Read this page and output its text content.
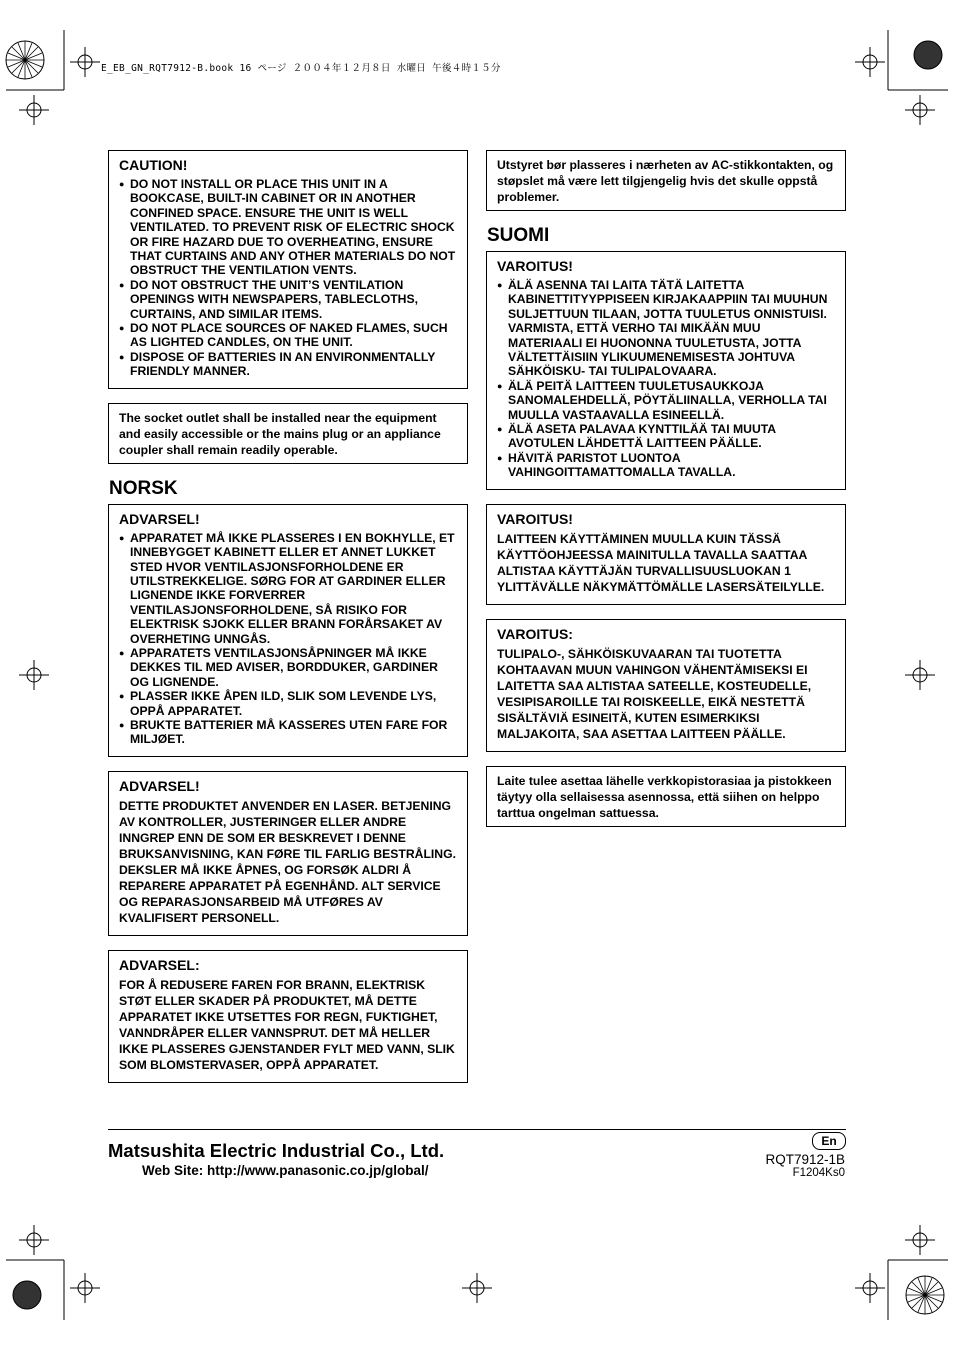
E_EB_GN_RQT7912-B.book 16 ページ ２００４年１２月８日 水曜日 午後４時１５分
CAUTION!
● DO NOT INSTALL OR PLACE THIS UNIT IN A BOOKCASE, BUILT-IN CABINET OR IN ANOTHER CONFINED SPACE. ENSURE THE UNIT IS WELL VENTILATED. TO PREVENT RISK OF ELECTRIC SHOCK OR FIRE HAZARD DUE TO OVERHEATING, ENSURE THAT CURTAINS AND ANY OTHER MATERIALS DO NOT OBSTRUCT THE VENTILATION VENTS.
● DO NOT OBSTRUCT THE UNIT’S VENTILATION OPENINGS WITH NEWSPAPERS, TABLECLOTHS, CURTAINS, AND SIMILAR ITEMS.
● DO NOT PLACE SOURCES OF NAKED FLAMES, SUCH AS LIGHTED CANDLES, ON THE UNIT.
● DISPOSE OF BATTERIES IN AN ENVIRONMENTALLY FRIENDLY MANNER.

The socket outlet shall be installed near the equipment and easily accessible or the mains plug or an appliance coupler shall remain readily operable.

NORSK
ADVARSEL!
● APPARATET MÅ IKKE PLASSERES I EN BOKHYLLE, ET INNEBYGGET KABINETT ELLER ET ANNET LUKKET STED HVOR VENTILASJONSFORHOLDENE ER UTILSTREKKELIGE. SØRG FOR AT GARDINER ELLER LIGNENDE IKKE FORVERRER VENTILASJONSFORHOLDENE, SÅ RISIKO FOR ELEKTRISK SJOKK ELLER BRANN FORÅRSAKET AV OVERHETING UNNGÅS.
● APPARATETS VENTILASJONSÅPNINGER MÅ IKKE DEKKES TIL MED AVISER, BORDDUKER, GARDINER OG LIGNENDE.
● PLASSER IKKE ÅPEN ILD, SLIK SOM LEVENDE LYS, OPPÅ APPARATET.
● BRUKTE BATTERIER MÅ KASSERES UTEN FARE FOR MILJØET.
ADVARSEL!

DETTE PRODUKTET ANVENDER EN LASER. BETJENING AV KONTROLLER, JUSTERINGER ELLER ANDRE INNGREP ENN DE SOM ER BESKREVET I DENNE BRUKSANVISNING, KAN FØRE TIL FARLIG BESTRÅLING. DEKSLER MÅ IKKE ÅPNES, OG FORSØK ALDRI Å REPARERE APPARATET PÅ EGENHÅND. ALT SERVICE OG REPARASJONSARBEID MÅ UTFØRES AV KVALIFISERT PERSONELL.

ADVARSEL:

FOR Å REDUSERE FAREN FOR BRANN, ELEKTRISK STØT ELLER SKADER PÅ PRODUKTET, MÅ DETTE APPARATET IKKE UTSETTES FOR REGN, FUKTIGHET, VANNDRÅPER ELLER VANNSPRUT. DET MÅ HELLER IKKE PLASSERES GJENSTANDER FYLT MED VANN, SLIK SOM BLOMSTERVASER, OPPÅ APPARATET.

Utstyret bør plasseres i nærheten av AC-stikkontakten, og støpslet må være lett tilgjengelig hvis det skulle oppstå problemer.

SUOMI
VAROITUS!
● ÄLÄ ASENNA TAI LAITA TÄTÄ LAITETTA KABINETTITYYPPISEEN KIRJAKAAPPIIN TAI MUUHUN SULJETTUUN TILAAN, JOTTA TUULETUS ONNISTUISI. VARMISTA, ETTÄ VERHO TAI MIKÄÄN MUU MATERIAALI EI HUONONNA TUULETUSTA, JOTTA VÄLTETTÄISIIN YLIKUUMENEMISESTA JOHTUVA SÄHKÖISKU- TAI TULIPALOVAARA.
● ÄLÄ PEITÄ LAITTEEN TUULETUSAUKKOJA SANOMALEHDELLÄ, PÖYTÄLIINALLA, VERHOLLA TAI MUULLA VASTAAVALLA ESINEELLÄ.
● ÄLÄ ASETA PALAVAA KYNTTILÄÄ TAI MUUTA AVOTULEN LÄHDETTÄ LAITTEEN PÄÄLLE.
● HÄVITÄ PARISTOT LUONTOA VAHINGOITTAMATTOMALLA TAVALLA.
VAROITUS!

LAITTEEN KÄYTTÄMINEN MUULLA KUIN TÄSSÄ KÄYTTÖOHJEESSA MAINITULLA TAVALLA SAATTAA ALTISTAA KÄYTTÄJÄN TURVALLISUUSLUOKAN 1 YLITTÄVÄLLE NÄKYMÄTTÖMÄLLE LASERSÄTEILYLLE.

VAROITUS:

TULIPALO-, SÄHKÖISKUVAARAN TAI TUOTETTA KOHTAAVAN MUUN VAHINGON VÄHENTÄMISEKSI EI LAITETTA SAA ALTISTAA SATEELLE, KOSTEUDELLE, VESIPISAROILLE TAI ROISKEELLE, EIKÄ NESTETTÄ SISÄLTÄVIÄ ESINEITÄ, KUTEN ESIMERKIKSI MALJAKOITA, SAA ASETTAA LAITTEEN PÄÄLLE.

Laite tulee asettaa lähelle verkkopistorasiaa ja pistokkeen täytyy olla sellaisessa asennossa, että siihen on helppo tarttua ongelman sattuessa.

Matsushita Electric Industrial Co., Ltd.
Web Site: http://www.panasonic.co.jp/global/
En
RQT7912-1B
F1204Ks0
